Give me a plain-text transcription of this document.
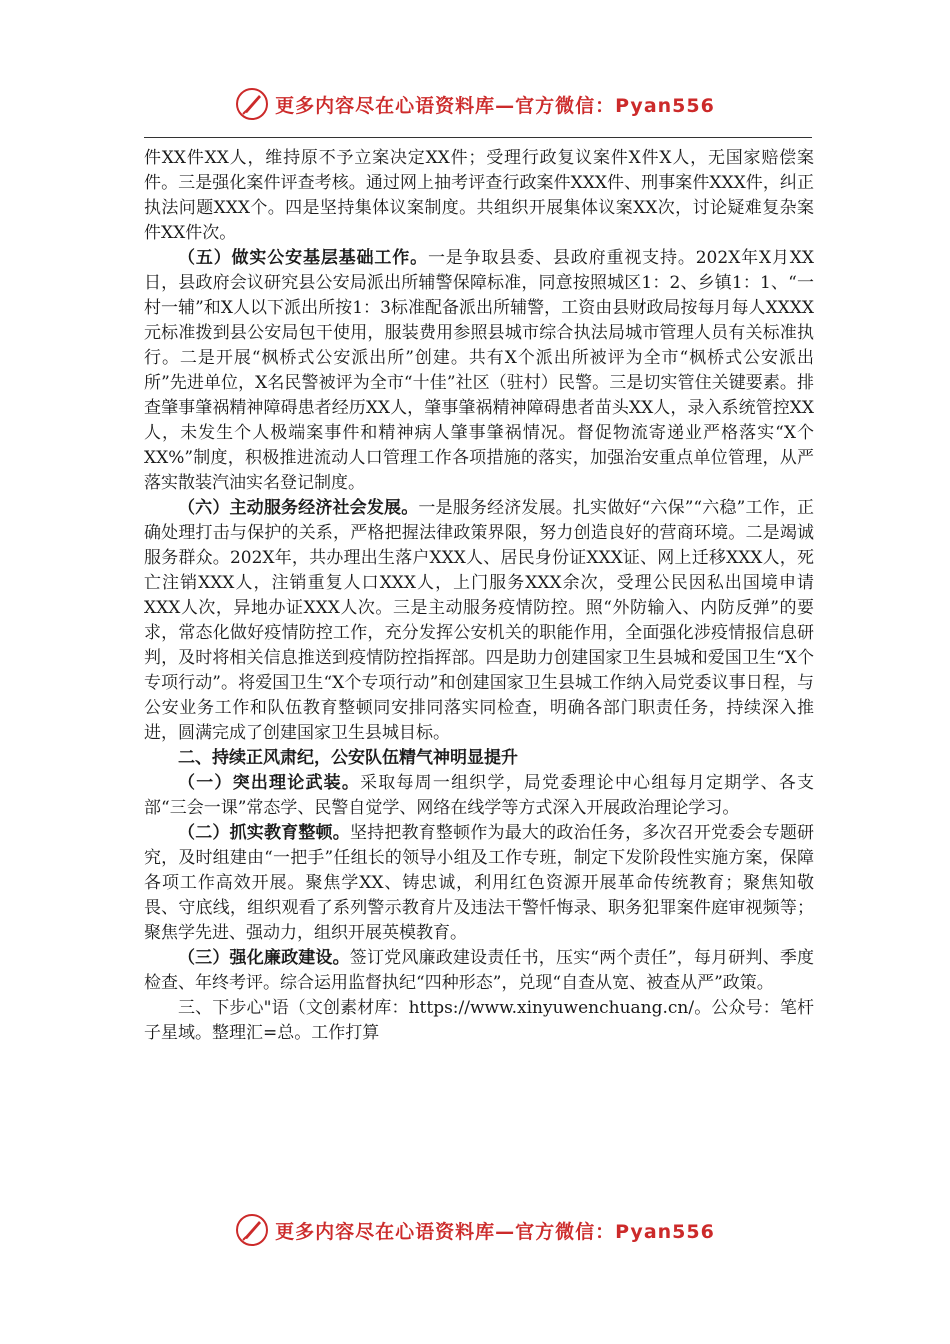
更多内容尽在心语资料库—官方微信：Pyan556

件XX件XX人，维持原不予立案决定XX件；受理行政复议案件X件X人，无国家赔偿案件。三是强化案件评查考核。通过网上抽考评查行政案件XXX件、刑事案件XXX件，纠正执法问题XXX个。四是坚持集体议案制度。共组织开展集体议案XX次，讨论疑难复杂案件XX件次。

（五）做实公安基层基础工作。一是争取县委、县政府重视支持。202X年X月XX日，县政府会议研究县公安局派出所辅警保障标准，同意按照城区1：2、乡镇1：1、“一村一辅”和X人以下派出所按1：3标准配备派出所辅警，工资由县财政局按每月每人XXXX元标准拨到县公安局包干使用，服装费用参照县城市综合执法局城市管理人员有关标准执行。二是开展“枫桥式公安派出所”创建。共有X个派出所被评为全市“枫桥式公安派出所”先进单位，X名民警被评为全市“十佳”社区（驻村）民警。三是切实管住关键要素。排查肇事肇祸精神障碍患者经历XX人，肇事肇祸精神障碍患者苗头XX人，录入系统管控XX人，未发生个人极端案事件和精神病人肇事肇祸情况。督促物流寄递业严格落实“X个XX%”制度，积极推进流动人口管理工作各项措施的落实，加强治安重点单位管理，从严落实散装汽油实名登记制度。

（六）主动服务经济社会发展。一是服务经济发展。扎实做好“六保”“六稳”工作，正确处理打击与保护的关系，严格把握法律政策界限，努力创造良好的营商环境。二是竭诚服务群众。202X年，共办理出生落户XXX人、居民身份证XXX证、网上迁移XXX人，死亡注销XXX人，注销重复人口XXX人，上门服务XXX余次，受理公民因私出国境申请XXX人次，异地办证XXX人次。三是主动服务疫情防控。照“外防输入、内防反弹”的要求，常态化做好疫情防控工作，充分发挥公安机关的职能作用，全面强化涉疫情报信息研判，及时将相关信息推送到疫情防控指挥部。四是助力创建国家卫生县城和爱国卫生“X个专项行动”。将爱国卫生“X个专项行动”和创建国家卫生县城工作纳入局党委议事日程，与公安业务工作和队伍教育整顿同安排同落实同检查，明确各部门职责任务，持续深入推进，圆满完成了创建国家卫生县城目标。

二、持续正风肃纪，公安队伍精气神明显提升

（一）突出理论武装。采取每周一组织学，局党委理论中心组每月定期学、各支部“三会一课”常态学、民警自觉学、网络在线学等方式深入开展政治理论学习。

（二）抓实教育整顿。坚持把教育整顿作为最大的政治任务，多次召开党委会专题研究，及时组建由“一把手”任组长的领导小组及工作专班，制定下发阶段性实施方案，保障各项工作高效开展。聚焦学XX、铸忠诚，利用红色资源开展革命传统教育；聚焦知敬畏、守底线，组织观看了系列警示教育片及违法干警忏悔录、职务犯罪案件庭审视频等；聚焦学先进、强动力，组织开展英模教育。

（三）强化廉政建设。签订党风廉政建设责任书，压实“两个责任”，每月研判、季度检查、年终考评。综合运用监督执纪“四种形态”，兑现“自查从宽、被查从严”政策。

三、下步心"语（文创素材库：https://www.xinyuwenchuang.cn/。公众号：笔杆子星域。整理汇=总。工作打算

更多内容尽在心语资料库—官方微信：Pyan556
